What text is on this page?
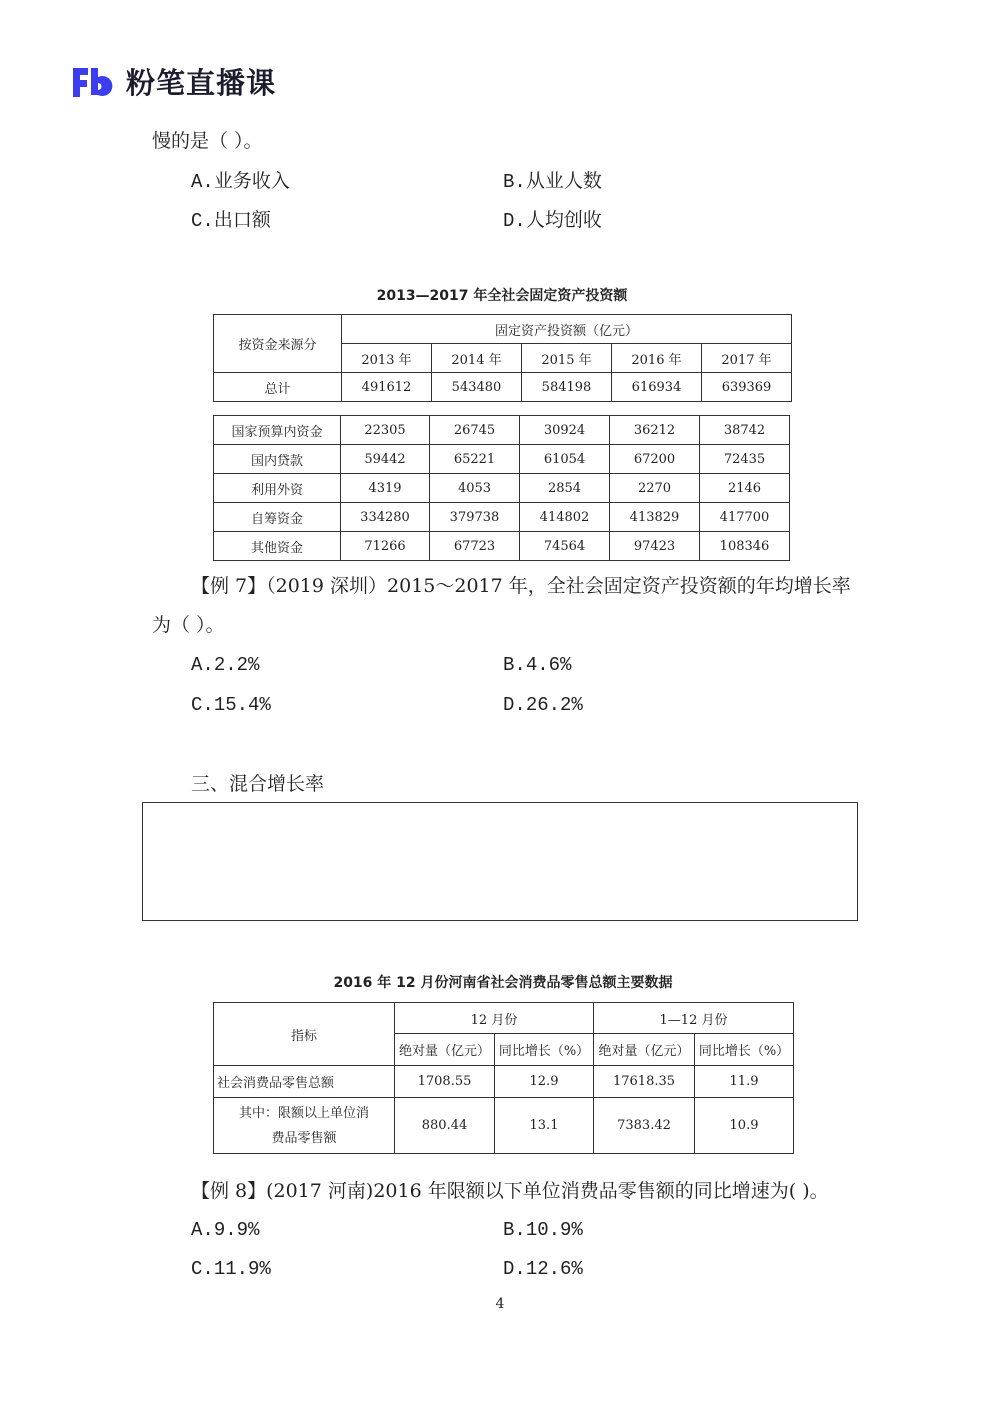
粉笔直播课
慢的是（ ）。
A.业务收入	B.从业人数
C.出口额	D.人均创收
2013—2017 年全社会固定资产投资额
按资金来源分	固定资产投资额（亿元）				
	2013 年	2014 年	2015 年	2016 年	2017 年
总计	491612	543480	584198	616934	639369
国家预算内资金	22305	26745	30924	36212	38742
国内贷款	59442	65221	61054	67200	72435
利用外资	4319	4053	2854	2270	2146
自筹资金	334280	379738	414802	413829	417700
其他资金	71266	67723	74564	97423	108346
【例 7】（2019 深圳）2015～2017 年，全社会固定资产投资额的年均增长率
为（ ）。
A.2.2%	B.4.6%
C.15.4%	D.26.2%
三、混合增长率
2016 年 12 月份河南省社会消费品零售总额主要数据
指标	12 月份		1—12 月份	
	绝对量（亿元）	同比增长（%）	绝对量（亿元）	同比增长（%）
社会消费品零售总额	1708.55	12.9	17618.35	11.9

其中：限额以上单位消
费品零售额	880.44	13.1	7383.42	10.9
【例 8】(2017 河南)2016 年限额以下单位消费品零售额的同比增速为( )。
A.9.9%	B.10.9%
C.11.9%	D.12.6%
4
